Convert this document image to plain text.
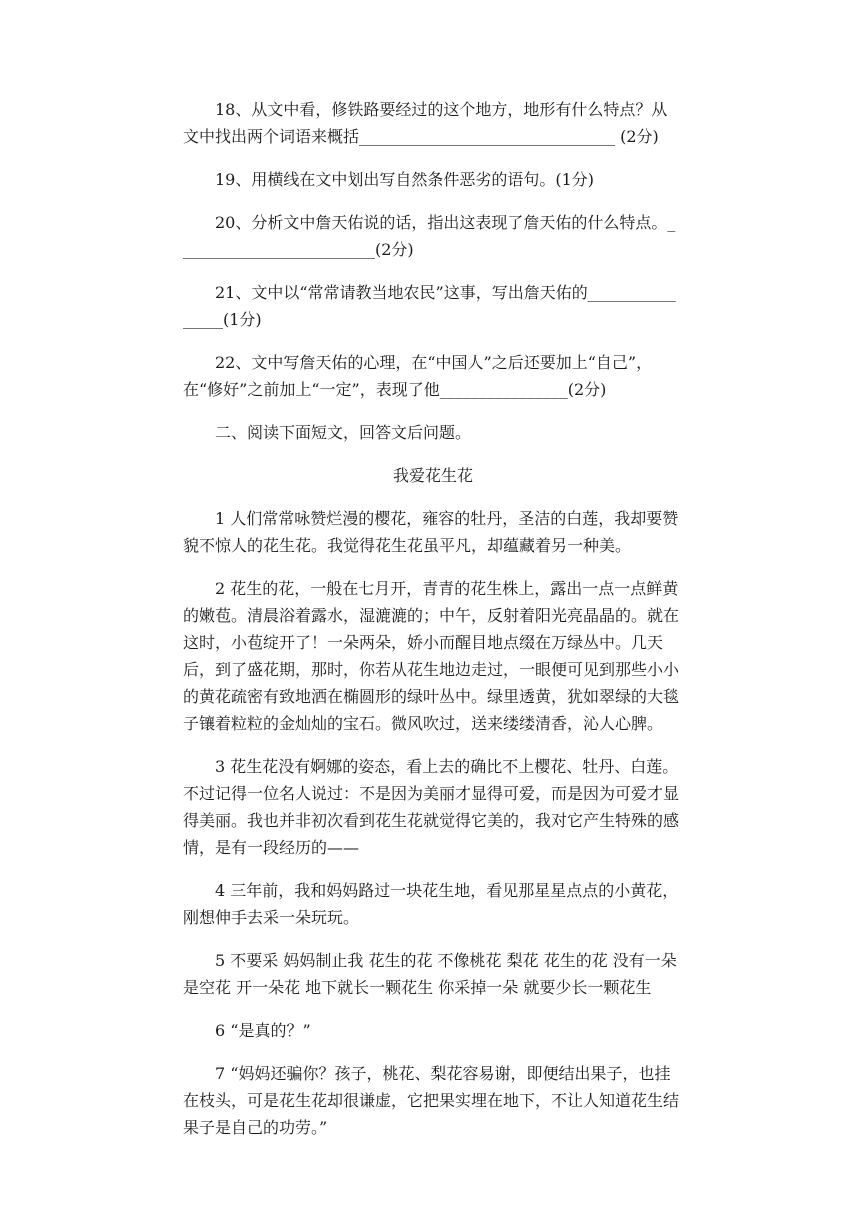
18、从文中看，修铁路要经过的这个地方，地形有什么特点？从文中找出两个词语来概括________________________________ (2分)

19、用横线在文中划出写自然条件恶劣的语句。(1分)

20、分析文中詹天佑说的话，指出这表现了詹天佑的什么特点。_________________________(2分)

21、文中以“常常请教当地农民”这事，写出詹天佑的________________(1分)

22、文中写詹天佑的心理，在“中国人”之后还要加上“自己”，在“修好”之前加上“一定”，表现了他________________(2分)

二、阅读下面短文，回答文后问题。

我爱花生花

1 人们常常咏赞烂漫的樱花，雍容的牡丹，圣洁的白莲，我却要赞貌不惊人的花生花。我觉得花生花虽平凡，却蕴藏着另一种美。

2 花生的花，一般在七月开，青青的花生株上，露出一点一点鲜黄的嫩苞。清晨浴着露水，湿漉漉的；中午，反射着阳光亮晶晶的。就在这时，小苞绽开了！一朵两朵，娇小而醒目地点缀在万绿丛中。几天后，到了盛花期，那时，你若从花生地边走过，一眼便可见到那些小小的黄花疏密有致地洒在椭圆形的绿叶丛中。绿里透黄，犹如翠绿的大毯子镶着粒粒的金灿灿的宝石。微风吹过，送来缕缕清香，沁人心脾。

3 花生花没有婀娜的姿态，看上去的确比不上樱花、牡丹、白莲。不过记得一位名人说过：不是因为美丽才显得可爱，而是因为可爱才显得美丽。我也并非初次看到花生花就觉得它美的，我对它产生特殊的感情，是有一段经历的——

4 三年前，我和妈妈路过一块花生地，看见那星星点点的小黄花，刚想伸手去采一朵玩玩。

5 不要采 妈妈制止我 花生的花 不像桃花 梨花 花生的花 没有一朵是空花 开一朵花 地下就长一颗花生 你采掉一朵 就要少长一颗花生

6 “是真的？”

7 “妈妈还骗你？孩子，桃花、梨花容易谢，即便结出果子，也挂在枝头，可是花生花却很谦虚，它把果实埋在地下，不让人知道花生结果子是自己的功劳。”
